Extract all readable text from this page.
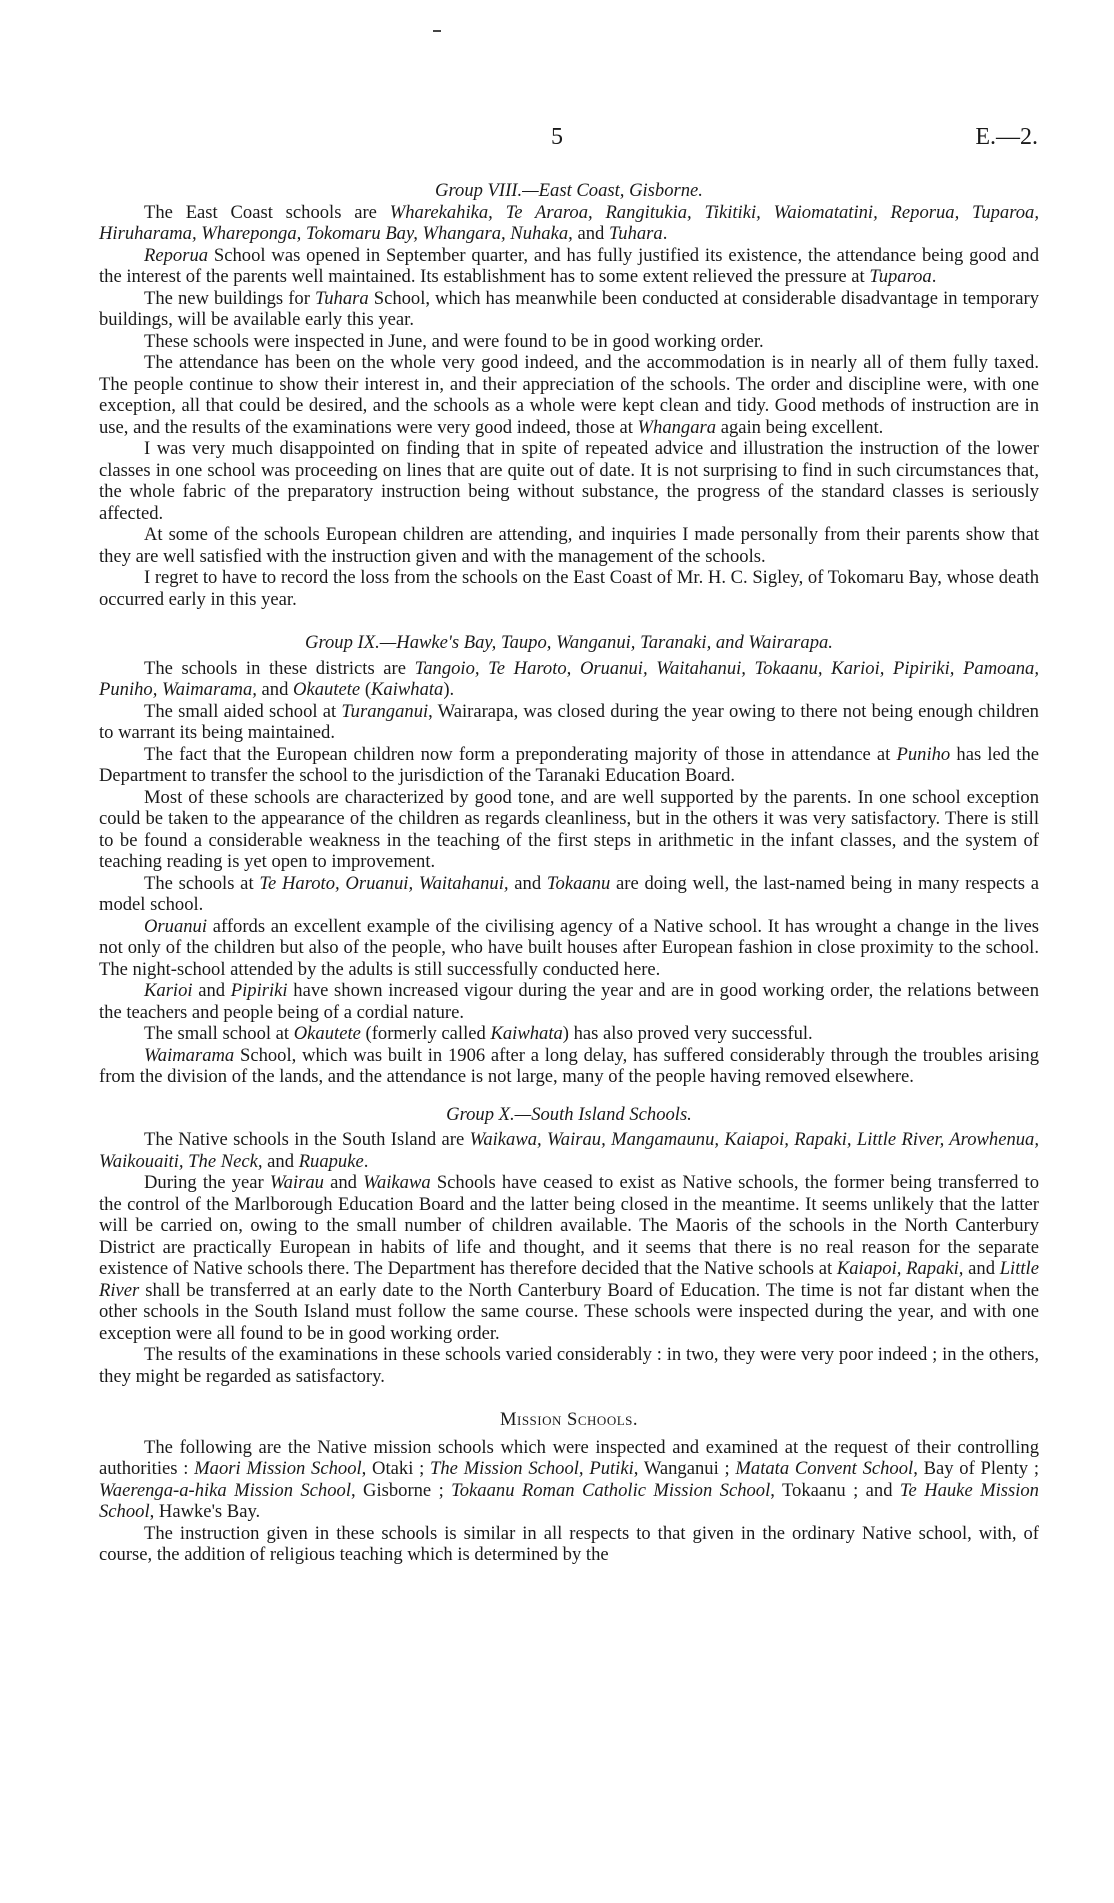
5	E.—2.
Group VIII.—East Coast, Gisborne.

The East Coast schools are Wharekahika, Te Araroa, Rangitukia, Tikitiki, Waiomatatini, Reporua, Tuparoa, Hiruharama, Whareponga, Tokomaru Bay, Whangara, Nuhaka, and Tuhara.

Reporua School was opened in September quarter, and has fully justified its existence, the attendance being good and the interest of the parents well maintained. Its establishment has to some extent relieved the pressure at Tuparoa.

The new buildings for Tuhara School, which has meanwhile been conducted at considerable disadvantage in temporary buildings, will be available early this year.

These schools were inspected in June, and were found to be in good working order.

The attendance has been on the whole very good indeed, and the accommodation is in nearly all of them fully taxed. The people continue to show their interest in, and their appreciation of the schools. The order and discipline were, with one exception, all that could be desired, and the schools as a whole were kept clean and tidy. Good methods of instruction are in use, and the results of the examinations were very good indeed, those at Whangara again being excellent.

I was very much disappointed on finding that in spite of repeated advice and illustration the instruction of the lower classes in one school was proceeding on lines that are quite out of date. It is not surprising to find in such circumstances that, the whole fabric of the preparatory instruction being without substance, the progress of the standard classes is seriously affected.

At some of the schools European children are attending, and inquiries I made personally from their parents show that they are well satisfied with the instruction given and with the management of the schools.

I regret to have to record the loss from the schools on the East Coast of Mr. H. C. Sigley, of Tokomaru Bay, whose death occurred early in this year.

Group IX.—Hawke's Bay, Taupo, Wanganui, Taranaki, and Wairarapa.

The schools in these districts are Tangoio, Te Haroto, Oruanui, Waitahanui, Tokaanu, Karioi, Pipiriki, Pamoana, Puniho, Waimarama, and Okautete (Kaiwhata).

The small aided school at Turanganui, Wairarapa, was closed during the year owing to there not being enough children to warrant its being maintained.

The fact that the European children now form a preponderating majority of those in attendance at Puniho has led the Department to transfer the school to the jurisdiction of the Taranaki Education Board.

Most of these schools are characterized by good tone, and are well supported by the parents. In one school exception could be taken to the appearance of the children as regards cleanliness, but in the others it was very satisfactory. There is still to be found a considerable weakness in the teaching of the first steps in arithmetic in the infant classes, and the system of teaching reading is yet open to improvement.

The schools at Te Haroto, Oruanui, Waitahanui, and Tokaanu are doing well, the last-named being in many respects a model school.

Oruanui affords an excellent example of the civilising agency of a Native school. It has wrought a change in the lives not only of the children but also of the people, who have built houses after European fashion in close proximity to the school. The night-school attended by the adults is still successfully conducted here.

Karioi and Pipiriki have shown increased vigour during the year and are in good working order, the relations between the teachers and people being of a cordial nature.

The small school at Okautete (formerly called Kaiwhata) has also proved very successful.

Waimarama School, which was built in 1906 after a long delay, has suffered considerably through the troubles arising from the division of the lands, and the attendance is not large, many of the people having removed elsewhere.

Group X.—South Island Schools.

The Native schools in the South Island are Waikawa, Wairau, Mangamaunu, Kaiapoi, Rapaki, Little River, Arowhenua, Waikouaiti, The Neck, and Ruapuke.

During the year Wairau and Waikawa Schools have ceased to exist as Native schools, the former being transferred to the control of the Marlborough Education Board and the latter being closed in the meantime. It seems unlikely that the latter will be carried on, owing to the small number of children available. The Maoris of the schools in the North Canterbury District are practically European in habits of life and thought, and it seems that there is no real reason for the separate existence of Native schools there. The Department has therefore decided that the Native schools at Kaiapoi, Rapaki, and Little River shall be transferred at an early date to the North Canterbury Board of Education. The time is not far distant when the other schools in the South Island must follow the same course. These schools were inspected during the year, and with one exception were all found to be in good working order.

The results of the examinations in these schools varied considerably : in two, they were very poor indeed ; in the others, they might be regarded as satisfactory.

Mission Schools.

The following are the Native mission schools which were inspected and examined at the request of their controlling authorities : Maori Mission School, Otaki ; The Mission School, Putiki, Wanganui ; Matata Convent School, Bay of Plenty ; Waerenga-a-hika Mission School, Gisborne ; Tokaanu Roman Catholic Mission School, Tokaanu ; and Te Hauke Mission School, Hawke's Bay.

The instruction given in these schools is similar in all respects to that given in the ordinary Native school, with, of course, the addition of religious teaching which is determined by the
